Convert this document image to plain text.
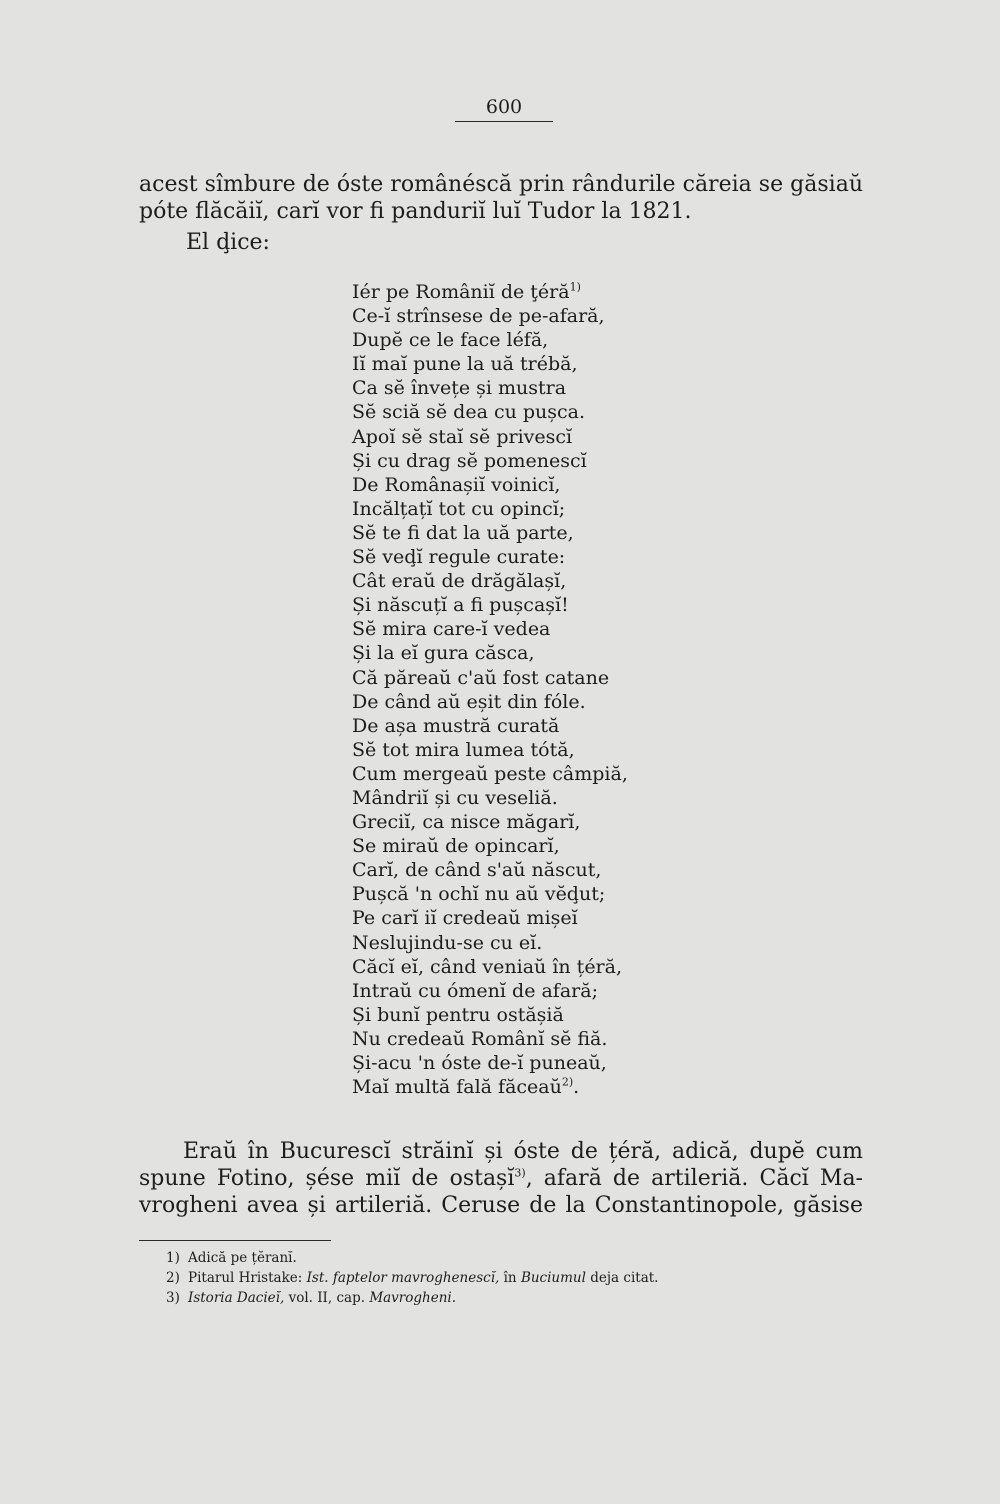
600
acest sîmbure de óste românéscă prin rândurile căreia se găsiaŭ
póte flăcăiĭ, carĭ vor fi panduriĭ luĭ Tudor la 1821.
El ḑice:
Iér pe Româniĭ de ţéră$^{1)}$
Ce-ĭ strînsese de pe-afară,
Dupĕ ce le face léfă,
Iĭ maĭ pune la uă trébă,
Ca sĕ învețe și mustra
Sĕ sciă sĕ dea cu pușca.
Apoĭ sĕ staĭ sĕ privescĭ
Și cu drag sĕ pomenescĭ
De Românașiĭ voinicĭ,
Incălțațĭ tot cu opincĭ;
Sĕ te fi dat la uă parte,
Sĕ veḑĭ regule curate:
Cât eraŭ de drăgălașĭ,
Și născuțĭ a fi pușcașĭ!
Sĕ mira care-ĭ vedea
Și la eĭ gura căsca,
Că păreaŭ c'aŭ fost catane
De când aŭ eșit din fóle.
De așa mustră curată
Sĕ tot mira lumea tótă,
Cum mergeaŭ peste câmpiă,
Mândriĭ și cu veseliă.
Greciĭ, ca nisce măgarĭ,
Se miraŭ de opincarĭ,
Carĭ, de când s'aŭ născut,
Pușcă 'n ochĭ nu aŭ vĕḑut;
Pe carĭ iĭ credeaŭ mișeĭ
Neslujindu-se cu eĭ.
Căcĭ eĭ, când veniaŭ în țéră,
Intraŭ cu ómenĭ de afară;
Și bunĭ pentru ostășiă
Nu credeaŭ Românĭ sĕ fiă.
Și-acu 'n óste de-ĭ puneaŭ,
Maĭ multă fală făceaŭ$^{2)}$.
Eraŭ în Bucurescĭ străinĭ și óste de țéră, adică, dupĕ cum
spune Fotino, șése miĭ de ostașĭ$^{3)}$, afară de artileriă. Căcĭ Ma-
vrogheni avea și artileriă. Ceruse de la Constantinopole, găsise
1) Adică pe țĕranĭ.
2) Pitarul Hristake: Ist. faptelor mavroghenescĭ, în Buciumul deja citat.
3) Istoria Dacieĭ, vol. II, cap. Mavrogheni.
